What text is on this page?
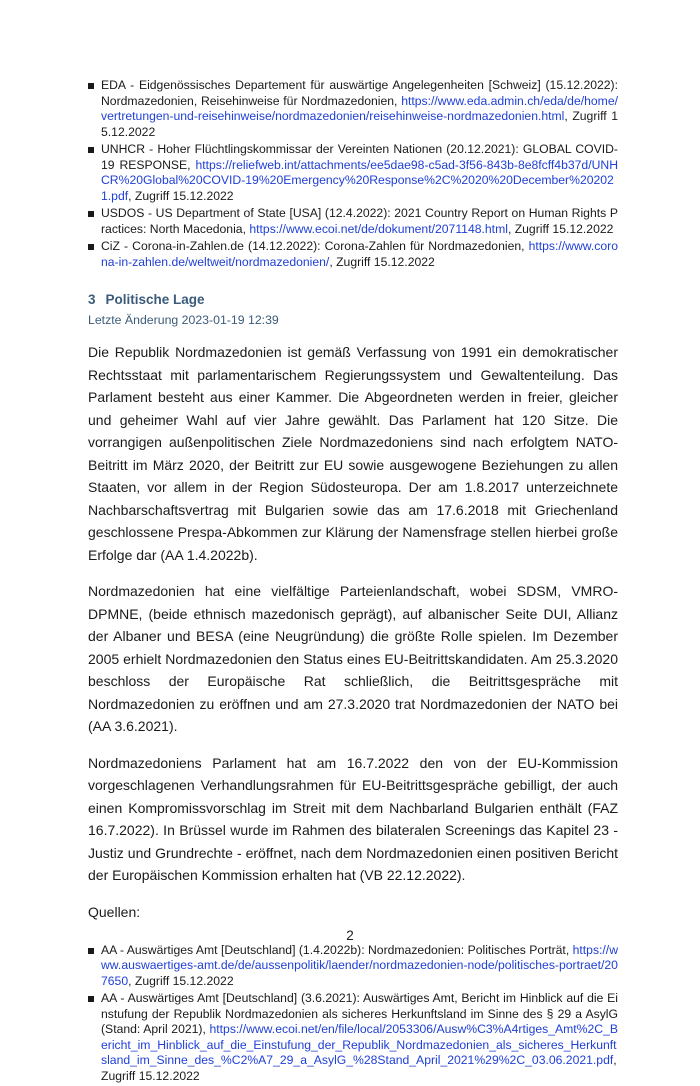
EDA - Eidgenössisches Departement für auswärtige Angelegenheiten [Schweiz] (15.12.2022): Nordmazedonien, Reisehinweise für Nordmazedonien, https://www.eda.admin.ch/eda/de/home/vertretungen-und-reisehinweise/nordmazedonien/reisehinweise-nordmazedonien.html, Zugriff 15.12.2022
UNHCR - Hoher Flüchtlingskommissar der Vereinten Nationen (20.12.2021): GLOBAL COVID-19 RESPONSE, https://reliefweb.int/attachments/ee5dae98-c5ad-3f56-843b-8e8fcff4b37d/UNHCR%20Global%20COVID-19%20Emergency%20Response%2C%2020%20December%202021.pdf, Zugriff 15.12.2022
USDOS - US Department of State [USA] (12.4.2022): 2021 Country Report on Human Rights Practices: North Macedonia, https://www.ecoi.net/de/dokument/2071148.html, Zugriff 15.12.2022
CiZ - Corona-in-Zahlen.de (14.12.2022): Corona-Zahlen für Nordmazedonien, https://www.corona-in-zahlen.de/weltweit/nordmazedonien/, Zugriff 15.12.2022
3 Politische Lage
Letzte Änderung 2023-01-19 12:39

Die Republik Nordmazedonien ist gemäß Verfassung von 1991 ein demokratischer Rechtsstaat mit parlamentarischem Regierungssystem und Gewaltenteilung. Das Parlament besteht aus einer Kammer. Die Abgeordneten werden in freier, gleicher und geheimer Wahl auf vier Jahre gewählt. Das Parlament hat 120 Sitze. Die vorrangigen außenpolitischen Ziele Nordmazedoniens sind nach erfolgtem NATO-Beitritt im März 2020, der Beitritt zur EU sowie ausgewogene Beziehungen zu allen Staaten, vor allem in der Region Südosteuropa. Der am 1.8.2017 unterzeichnete Nachbarschaftsvertrag mit Bulgarien sowie das am 17.6.2018 mit Griechenland geschlossene Prespa-Abkommen zur Klärung der Namensfrage stellen hierbei große Erfolge dar (AA 1.4.2022b).

Nordmazedonien hat eine vielfältige Parteienlandschaft, wobei SDSM, VMRO-DPMNE, (beide ethnisch mazedonisch geprägt), auf albanischer Seite DUI, Allianz der Albaner und BESA (eine Neugründung) die größte Rolle spielen. Im Dezember 2005 erhielt Nordmazedonien den Status eines EU-Beitrittskandidaten. Am 25.3.2020 beschloss der Europäische Rat schließlich, die Beitrittsgespräche mit Nordmazedonien zu eröffnen und am 27.3.2020 trat Nordmazedonien der NATO bei (AA 3.6.2021).

Nordmazedoniens Parlament hat am 16.7.2022 den von der EU-Kommission vorgeschlagenen Verhandlungsrahmen für EU-Beitrittsgespräche gebilligt, der auch einen Kompromissvorschlag im Streit mit dem Nachbarland Bulgarien enthält (FAZ 16.7.2022). In Brüssel wurde im Rahmen des bilateralen Screenings das Kapitel 23 - Justiz und Grundrechte - eröffnet, nach dem Nordmazedonien einen positiven Bericht der Europäischen Kommission erhalten hat (VB 22.12.2022).

Quellen:

AA - Auswärtiges Amt [Deutschland] (1.4.2022b): Nordmazedonien: Politisches Porträt, https://www.auswaertiges-amt.de/de/aussenpolitik/laender/nordmazedonien-node/politisches-portraet/207650, Zugriff 15.12.2022
AA - Auswärtiges Amt [Deutschland] (3.6.2021): Auswärtiges Amt, Bericht im Hinblick auf die Einstufung der Republik Nordmazedonien als sicheres Herkunftsland im Sinne des § 29 a AsylG (Stand: April 2021), https://www.ecoi.net/en/file/local/2053306/Ausw%C3%A4rtiges_Amt%2C_Bericht_im_Hinblick_auf_die_Einstufung_der_Republik_Nordmazedonien_als_sicheres_Herkunftsland_im_Sinne_des_%C2%A7_29_a_AsylG_%28Stand_April_2021%29%2C_03.06.2021.pdf, Zugriff 15.12.2022
2
